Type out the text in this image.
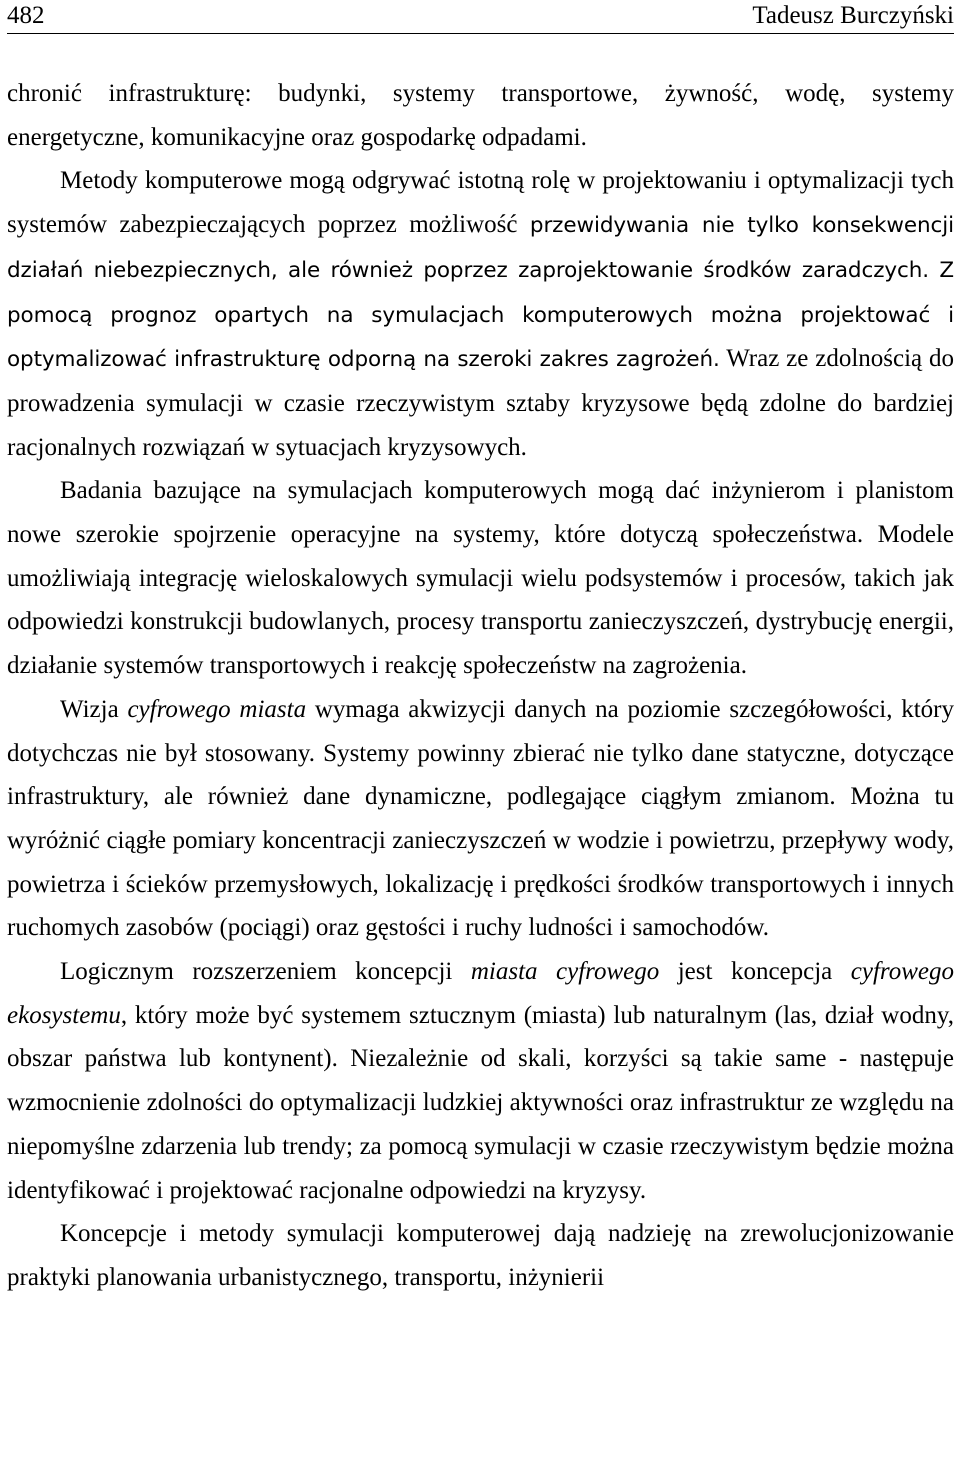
482	Tadeusz Burczyński

chronić infrastrukturę: budynki, systemy transportowe, żywność, wodę, systemy energetyczne, komunikacyjne oraz gospodarkę odpadami.

Metody komputerowe mogą odgrywać istotną rolę w projektowaniu i optymalizacji tych systemów zabezpieczających poprzez możliwość przewidywania nie tylko konsekwencji działań niebezpiecznych, ale również poprzez zaprojektowanie środków zaradczych. Z pomocą prognoz opartych na symulacjach komputerowych można projektować i optymalizować infrastrukturę odporną na szeroki zakres zagrożeń. Wraz ze zdolnością do prowadzenia symulacji w czasie rzeczywistym sztaby kryzysowe będą zdolne do bardziej racjonalnych rozwiązań w sytuacjach kryzysowych.

Badania bazujące na symulacjach komputerowych mogą dać inżynierom i planistom nowe szerokie spojrzenie operacyjne na systemy, które dotyczą społeczeństwa. Modele umożliwiają integrację wieloskalowych symulacji wielu podsystemów i procesów, takich jak odpowiedzi konstrukcji budowlanych, procesy transportu zanieczyszczeń, dystrybucję energii, działanie systemów transportowych i reakcję społeczeństw na zagrożenia.

Wizja cyfrowego miasta wymaga akwizycji danych na poziomie szczegółowości, który dotychczas nie był stosowany. Systemy powinny zbierać nie tylko dane statyczne, dotyczące infrastruktury, ale również dane dynamiczne, podlegające ciągłym zmianom. Można tu wyróżnić ciągłe pomiary koncentracji zanieczyszczeń w wodzie i powietrzu, przepływy wody, powietrza i ścieków przemysłowych, lokalizację i prędkości środków transportowych i innych ruchomych zasobów (pociągi) oraz gęstości i ruchy ludności i samochodów.

Logicznym rozszerzeniem koncepcji miasta cyfrowego jest koncepcja cyfrowego ekosystemu, który może być systemem sztucznym (miasta) lub naturalnym (las, dział wodny, obszar państwa lub kontynent). Niezależnie od skali, korzyści są takie same - następuje wzmocnienie zdolności do optymalizacji ludzkiej aktywności oraz infrastruktur ze względu na niepomyślne zdarzenia lub trendy; za pomocą symulacji w czasie rzeczywistym będzie można identyfikować i projektować racjonalne odpowiedzi na kryzysy.

Koncepcje i metody symulacji komputerowej dają nadzieję na zrewolucjonizowanie praktyki planowania urbanistycznego, transportu, inżynierii
